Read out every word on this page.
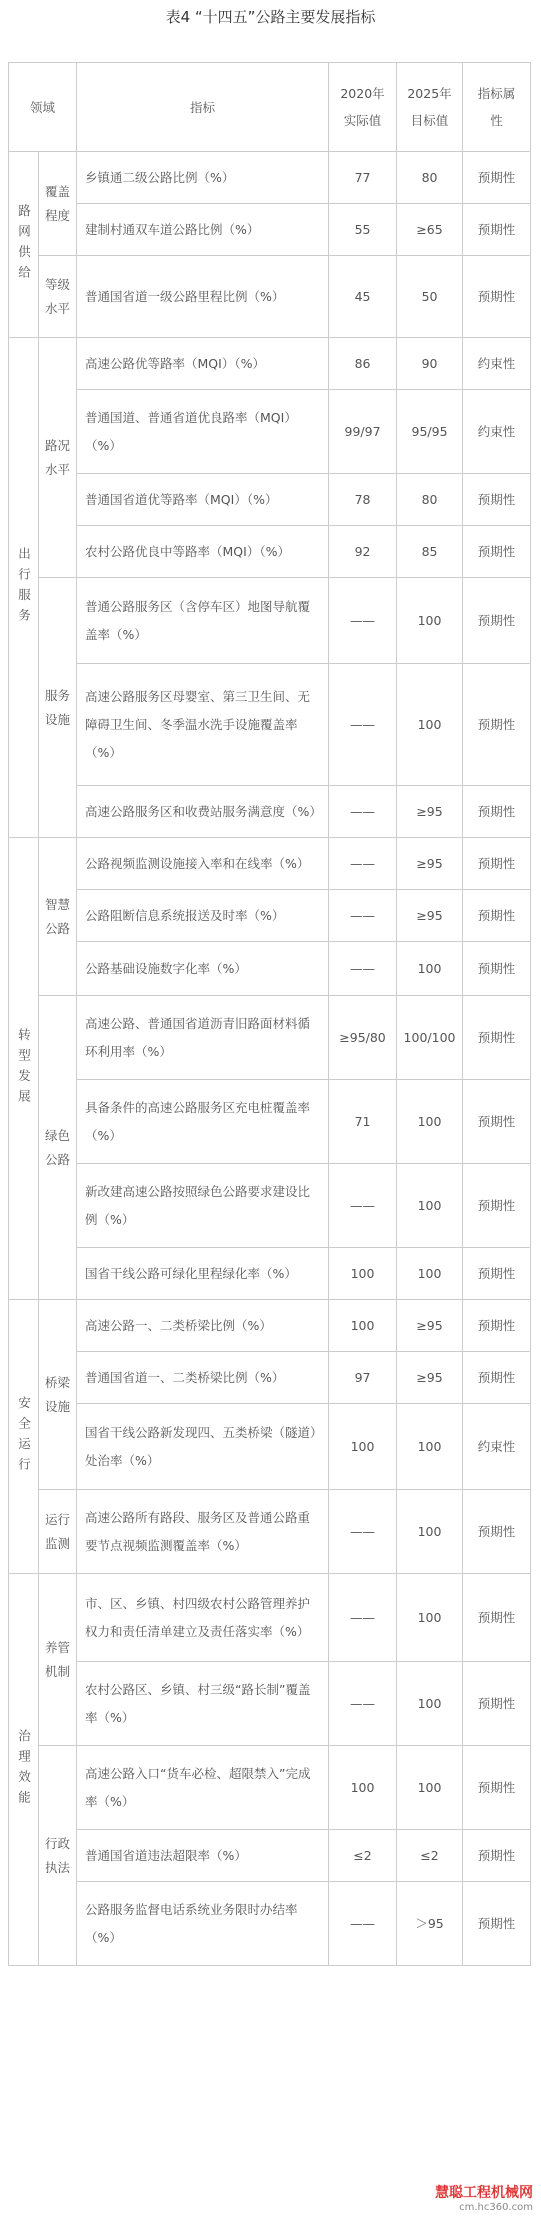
表4 “十四五”公路主要发展指标
领域		指标	2020年实际值	2025年目标值	指标属性

路网供给	覆盖程度	乡镇通二级公路比例（%）	77	80	预期性
		建制村通双车道公路比例（%）	55	≥65	预期性
	等级水平	普通国省道一级公路里程比例（%）	45	50	预期性

出行服务	路况水平	高速公路优等路率（MQI）（%）	86	90	约束性
		普通国道、普通省道优良路率（MQI）（%）	99/97	95/95	约束性
		普通国省道优等路率（MQI）（%）	78	80	预期性
		农村公路优良中等路率（MQI）（%）	92	85	预期性
	服务设施	普通公路服务区（含停车区）地图导航覆盖率（%）	——	100	预期性
		高速公路服务区母婴室、第三卫生间、无障碍卫生间、冬季温水洗手设施覆盖率（%）	——	100	预期性
		高速公路服务区和收费站服务满意度（%）	——	≥95	预期性

转型发展	智慧公路	公路视频监测设施接入率和在线率（%）	——	≥95	预期性
		公路阻断信息系统报送及时率（%）	——	≥95	预期性
		公路基础设施数字化率（%）	——	100	预期性
	绿色公路	高速公路、普通国省道沥青旧路面材料循环利用率（%）	≥95/80	100/100	预期性
		具备条件的高速公路服务区充电桩覆盖率（%）	71	100	预期性
		新改建高速公路按照绿色公路要求建设比例（%）	——	100	预期性
		国省干线公路可绿化里程绿化率（%）	100	100	预期性

安全运行	桥梁设施	高速公路一、二类桥梁比例（%）	100	≥95	预期性
		普通国省道一、二类桥梁比例（%）	97	≥95	预期性
		国省干线公路新发现四、五类桥梁（隧道）处治率（%）	100	100	约束性
	运行监测	高速公路所有路段、服务区及普通公路重要节点视频监测覆盖率（%）	——	100	预期性

治理效能	养管机制	市、区、乡镇、村四级农村公路管理养护权力和责任清单建立及责任落实率（%）	——	100	预期性
		农村公路区、乡镇、村三级“路长制”覆盖率（%）	——	100	预期性
	行政执法	高速公路入口“货车必检、超限禁入”完成率（%）	100	100	预期性
		普通国省道违法超限率（%）	≤2	≤2	预期性
		公路服务监督电话系统业务限时办结率（%）	——	＞95	预期性
慧聪工程机械网
cm.hc360.com
